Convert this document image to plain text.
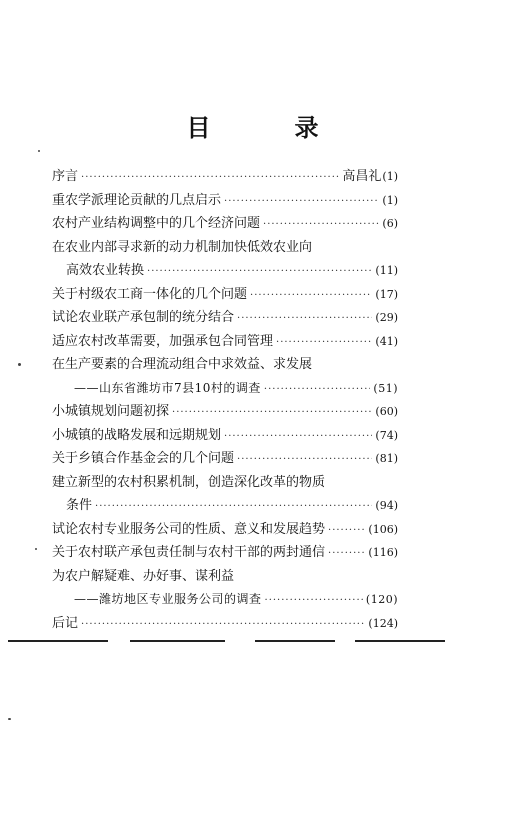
目　录
序言 ·····	高昌礼 (1)
重农学派理论贡献的几点启示 ·····	(1)
农村产业结构调整中的几个经济问题 ·····	(6)
在农业内部寻求新的动力机制加快低效农业向
高效农业转换 ·····	(11)
关于村级农工商一体化的几个问题 ·····	(17)
试论农业联产承包制的统分结合 ·····	(29)
适应农村改革需要，加强承包合同管理 ·····	(41)
在生产要素的合理流动组合中求效益、求发展
——山东省潍坊市7县10村的调查 ·····	(51)
小城镇规划问题初探 ·····	(60)
小城镇的战略发展和远期规划 ·····	(74)
关于乡镇合作基金会的几个问题 ·····	(81)
建立新型的农村积累机制，创造深化改革的物质
条件 ·····	(94)
试论农村专业服务公司的性质、意义和发展趋势 ·····	(106)
关于农村联产承包责任制与农村干部的两封通信 ·····	(116)
为农户解疑难、办好事、谋利益
——潍坊地区专业服务公司的调查 ·····	(120)
后记 ·····	(124)
